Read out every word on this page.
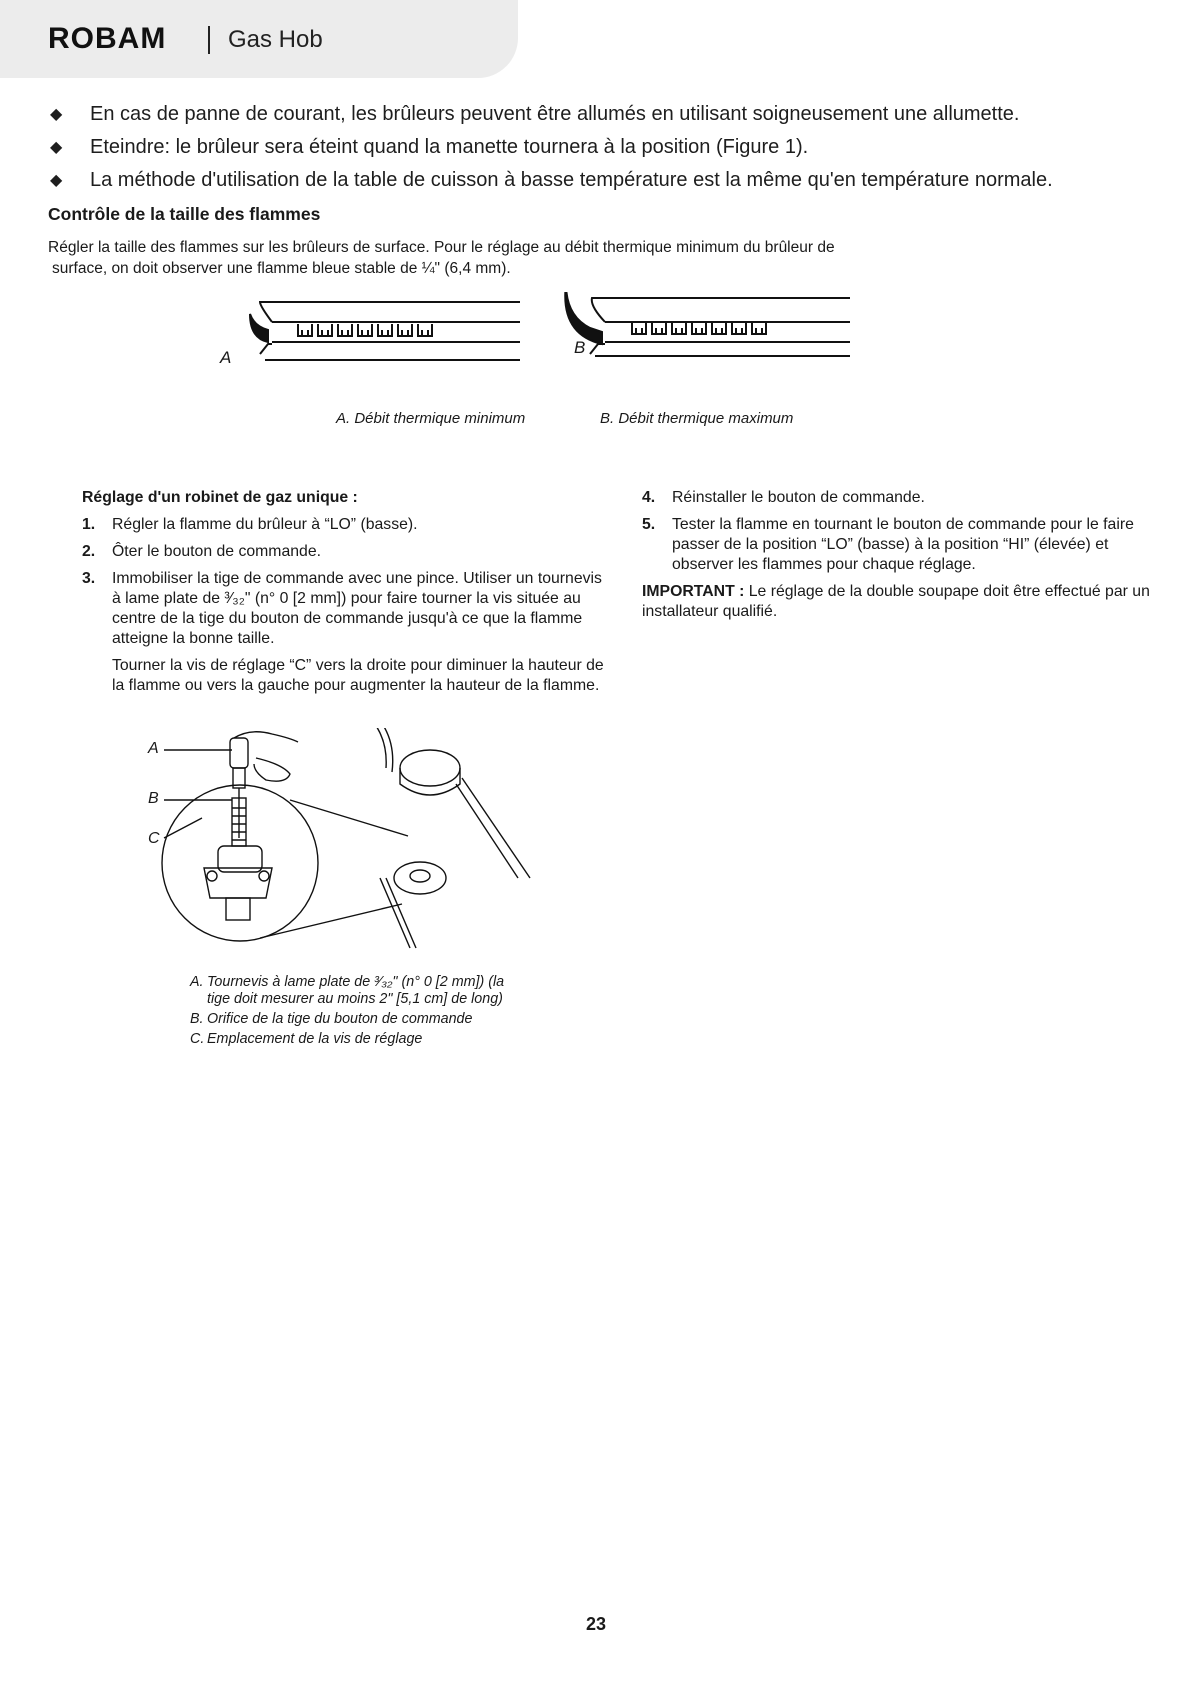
ROBAM	Gas Hob
◆ En cas de panne de courant, les brûleurs peuvent être allumés en utilisant soigneusement une allumette.
◆ Eteindre: le brûleur sera éteint quand la manette tournera à la position (Figure 1).
◆ La méthode d'utilisation de la table de cuisson à basse température est la même qu'en température normale.
Contrôle de la taille des flammes
Régler la taille des flammes sur les brûleurs de surface. Pour le réglage au débit thermique minimum du brûleur de
surface, on doit observer une flamme bleue stable de ¼" (6,4 mm).
A
B
A. Débit thermique minimum	B. Débit thermique maximum
Réglage d'un robinet de gaz unique :
1. Régler la flamme du brûleur à “LO” (basse).

2. Ôter le bouton de commande.

3. Immobiliser la tige de commande avec une pince. Utiliser un tournevis à lame plate de ³⁄₃₂" (n° 0 [2 mm]) pour faire tourner la vis située au centre de la tige du bouton de commande jusqu'à ce que la flamme atteigne la bonne taille.

Tourner la vis de réglage “C” vers la droite pour diminuer la hauteur de la flamme ou vers la gauche pour augmenter la hauteur de la flamme.

4. Réinstaller le bouton de commande.

5. Tester la flamme en tournant le bouton de commande pour le faire passer de la position “LO” (basse) à la position “HI” (élevée) et observer les flammes pour chaque réglage.

IMPORTANT : Le réglage de la double soupape doit être effectué par un installateur qualifié.
A
B
C
A. Tournevis à lame plate de ³⁄₃₂" (n° 0 [2 mm]) (la tige doit mesurer au moins 2" [5,1 cm] de long)
B. Orifice de la tige du bouton de commande
C. Emplacement de la vis de réglage
23
